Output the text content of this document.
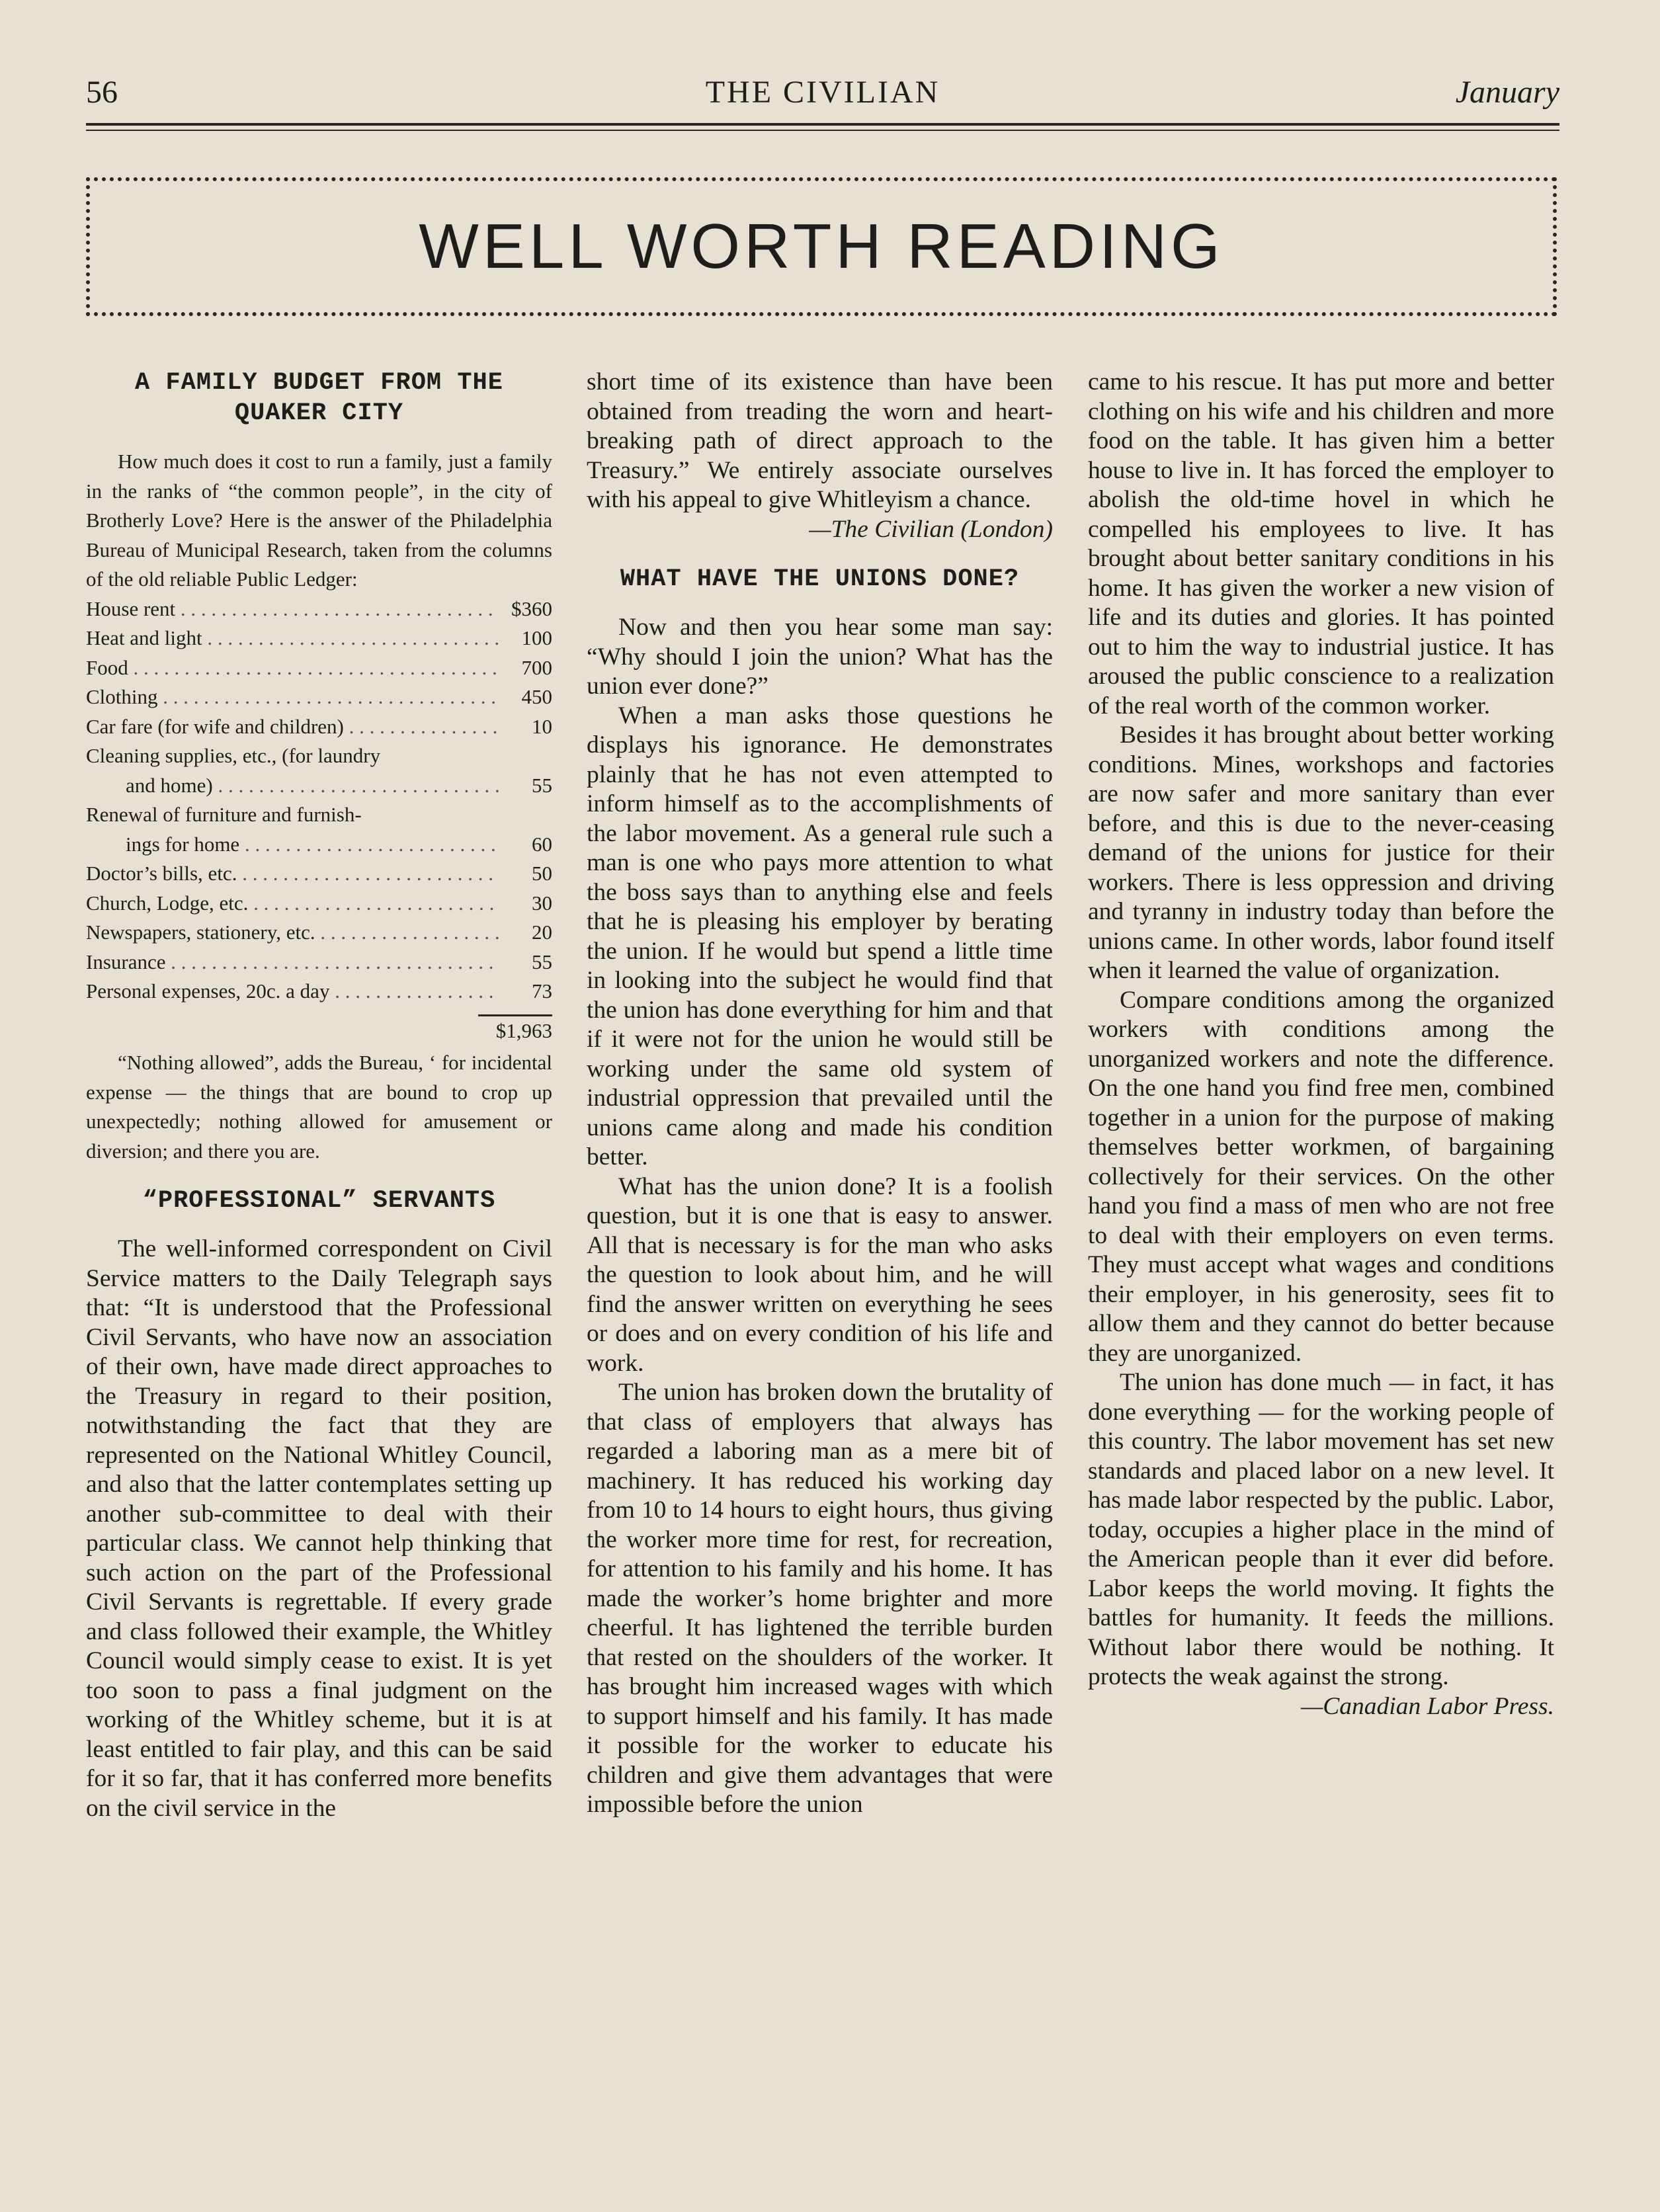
56	THE CIVILIAN	January
WELL WORTH READING
A FAMILY BUDGET FROM THE QUAKER CITY

How much does it cost to run a family, just a family in the ranks of “the common people”, in the city of Brotherly Love? Here is the answer of the Philadelphia Bureau of Municipal Research, taken from the columns of the old reliable Public Ledger:

House rent . . .	$360
Heat and light . . .	100
Food . . .	700
Clothing . . .	450
Car fare (for wife and children) . . .	10
Cleaning supplies, etc., (for laundry
and home) . . .	55
Renewal of furniture and furnish-
ings for home . . .	60
Doctor’s bills, etc. . . .	50
Church, Lodge, etc. . . .	30
Newspapers, stationery, etc. . . .	20
Insurance . . .	55
Personal expenses, 20c. a day . . .	73
$1,963

“Nothing allowed”, adds the Bureau, ‘ for incidental expense — the things that are bound to crop up unexpectedly; nothing allowed for amusement or diversion; and there you are.

“PROFESSIONAL” SERVANTS

The well-informed correspondent on Civil Service matters to the Daily Telegraph says that: “It is understood that the Professional Civil Servants, who have now an association of their own, have made direct approaches to the Treasury in regard to their position, notwithstanding the fact that they are represented on the National Whitley Council, and also that the latter contemplates setting up another sub-committee to deal with their particular class. We cannot help thinking that such action on the part of the Professional Civil Servants is regrettable. If every grade and class followed their example, the Whitley Council would simply cease to exist. It is yet too soon to pass a final judgment on the working of the Whitley scheme, but it is at least entitled to fair play, and this can be said for it so far, that it has conferred more benefits on the civil service in the

short time of its existence than have been obtained from treading the worn and heart-breaking path of direct approach to the Treasury.” We entirely associate ourselves with his appeal to give Whitleyism a chance.

—The Civilian (London)
WHAT HAVE THE UNIONS DONE?

Now and then you hear some man say: “Why should I join the union? What has the union ever done?”

When a man asks those questions he displays his ignorance. He demonstrates plainly that he has not even attempted to inform himself as to the accomplishments of the labor movement. As a general rule such a man is one who pays more attention to what the boss says than to anything else and feels that he is pleasing his employer by berating the union. If he would but spend a little time in looking into the subject he would find that the union has done everything for him and that if it were not for the union he would still be working under the same old system of industrial oppression that prevailed until the unions came along and made his condition better.

What has the union done? It is a foolish question, but it is one that is easy to answer. All that is necessary is for the man who asks the question to look about him, and he will find the answer written on everything he sees or does and on every condition of his life and work.

The union has broken down the brutality of that class of employers that always has regarded a laboring man as a mere bit of machinery. It has reduced his working day from 10 to 14 hours to eight hours, thus giving the worker more time for rest, for recreation, for attention to his family and his home. It has made the worker’s home brighter and more cheerful. It has lightened the terrible burden that rested on the shoulders of the worker. It has brought him increased wages with which to support himself and his family. It has made it possible for the worker to educate his children and give them advantages that were impossible before the union

came to his rescue. It has put more and better clothing on his wife and his children and more food on the table. It has given him a better house to live in. It has forced the employer to abolish the old-time hovel in which he compelled his employees to live. It has brought about better sanitary conditions in his home. It has given the worker a new vision of life and its duties and glories. It has pointed out to him the way to industrial justice. It has aroused the public conscience to a realization of the real worth of the common worker.

Besides it has brought about better working conditions. Mines, workshops and factories are now safer and more sanitary than ever before, and this is due to the never-ceasing demand of the unions for justice for their workers. There is less oppression and driving and tyranny in industry today than before the unions came. In other words, labor found itself when it learned the value of organization.

Compare conditions among the organized workers with conditions among the unorganized workers and note the difference. On the one hand you find free men, combined together in a union for the purpose of making themselves better workmen, of bargaining collectively for their services. On the other hand you find a mass of men who are not free to deal with their employers on even terms. They must accept what wages and conditions their employer, in his generosity, sees fit to allow them and they cannot do better because they are unorganized.

The union has done much — in fact, it has done everything — for the working people of this country. The labor movement has set new standards and placed labor on a new level. It has made labor respected by the public. Labor, today, occupies a higher place in the mind of the American people than it ever did before. Labor keeps the world moving. It fights the battles for humanity. It feeds the millions. Without labor there would be nothing. It protects the weak against the strong.

—Canadian Labor Press.
